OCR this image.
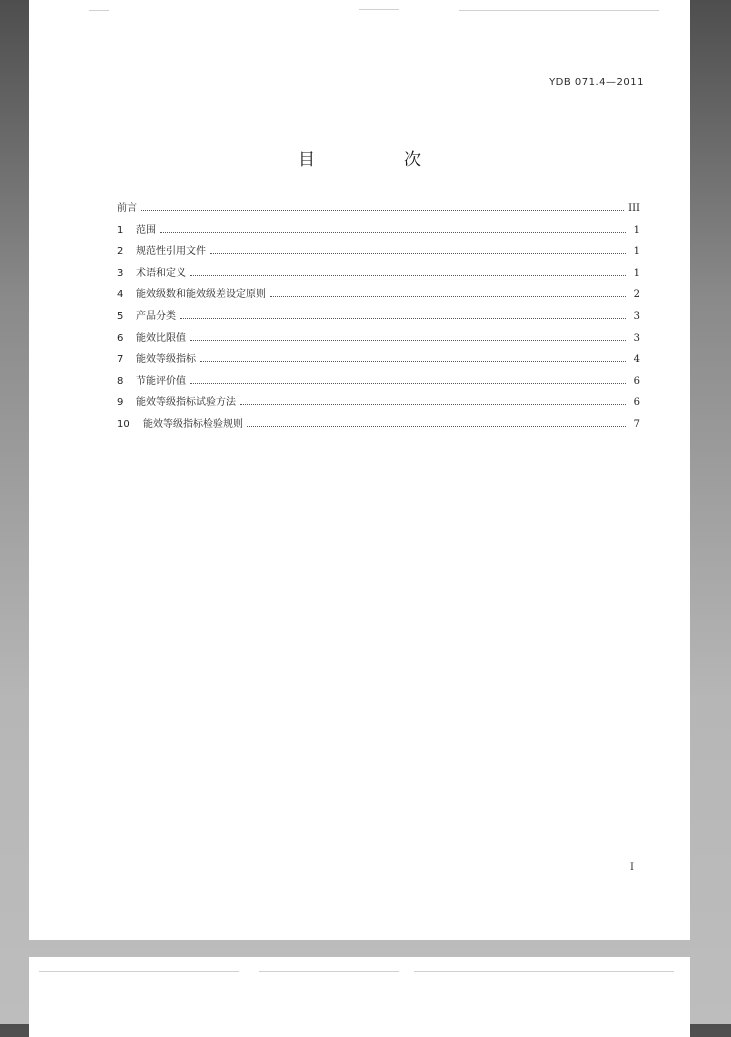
YDB 071.4—2011
目　次
前言	III
1	范围	1
2	规范性引用文件	1
3	术语和定义	1
4	能效级数和能效级差设定原则	2
5	产品分类	3
6	能效比限值	3
7	能效等级指标	4
8	节能评价值	6
9	能效等级指标试验方法	6
10	能效等级指标检验规则	7
I
